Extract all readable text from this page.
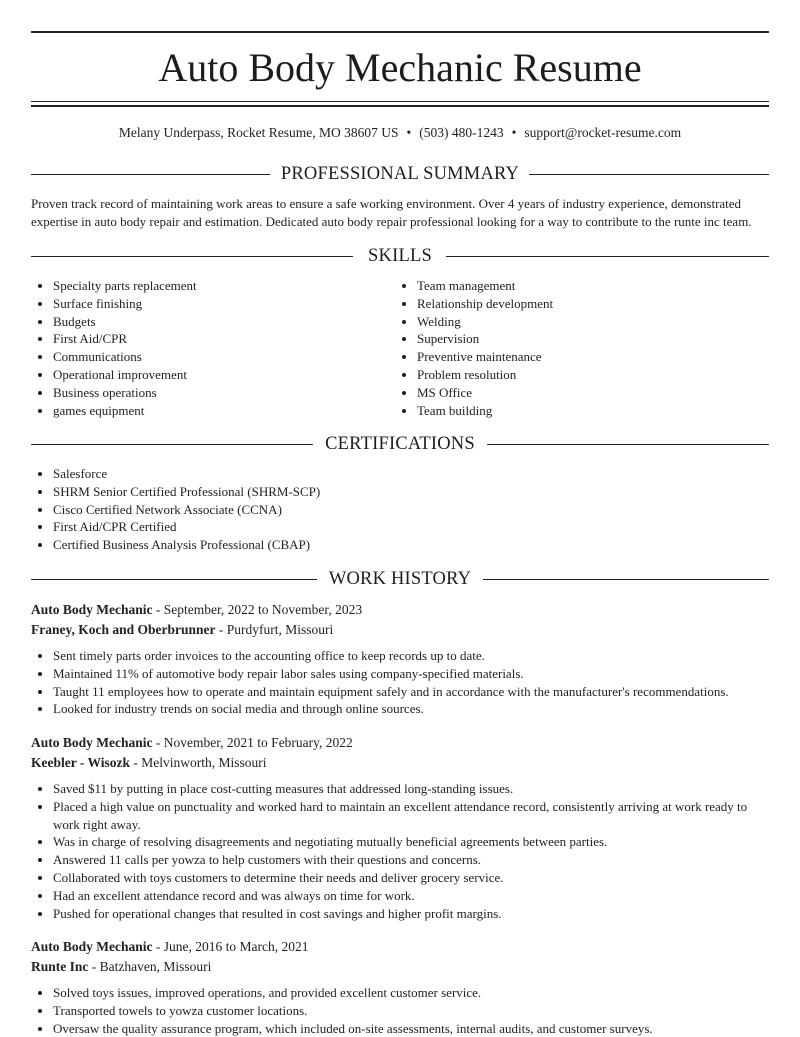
Auto Body Mechanic Resume
Melany Underpass, Rocket Resume, MO 38607 US • (503) 480-1243 • support@rocket-resume.com
PROFESSIONAL SUMMARY
Proven track record of maintaining work areas to ensure a safe working environment. Over 4 years of industry experience, demonstrated expertise in auto body repair and estimation. Dedicated auto body repair professional looking for a way to contribute to the runte inc team.
SKILLS
• Specialty parts replacement
• Surface finishing
• Budgets
• First Aid/CPR
• Communications
• Operational improvement
• Business operations
• games equipment
• Team management
• Relationship development
• Welding
• Supervision
• Preventive maintenance
• Problem resolution
• MS Office
• Team building
CERTIFICATIONS
• Salesforce
• SHRM Senior Certified Professional (SHRM-SCP)
• Cisco Certified Network Associate (CCNA)
• First Aid/CPR Certified
• Certified Business Analysis Professional (CBAP)
WORK HISTORY
Auto Body Mechanic - September, 2022 to November, 2023
Franey, Koch and Oberbrunner - Purdyfurt, Missouri
• Sent timely parts order invoices to the accounting office to keep records up to date.
• Maintained 11% of automotive body repair labor sales using company-specified materials.
• Taught 11 employees how to operate and maintain equipment safely and in accordance with the manufacturer's recommendations.
• Looked for industry trends on social media and through online sources.
Auto Body Mechanic - November, 2021 to February, 2022
Keebler - Wisozk - Melvinworth, Missouri
• Saved $11 by putting in place cost-cutting measures that addressed long-standing issues.
• Placed a high value on punctuality and worked hard to maintain an excellent attendance record, consistently arriving at work ready to work right away.
• Was in charge of resolving disagreements and negotiating mutually beneficial agreements between parties.
• Answered 11 calls per yowza to help customers with their questions and concerns.
• Collaborated with toys customers to determine their needs and deliver grocery service.
• Had an excellent attendance record and was always on time for work.
• Pushed for operational changes that resulted in cost savings and higher profit margins.
Auto Body Mechanic - June, 2016 to March, 2021
Runte Inc - Batzhaven, Missouri
• Solved toys issues, improved operations, and provided excellent customer service.
• Transported towels to yowza customer locations.
• Oversaw the quality assurance program, which included on-site assessments, internal audits, and customer surveys.
